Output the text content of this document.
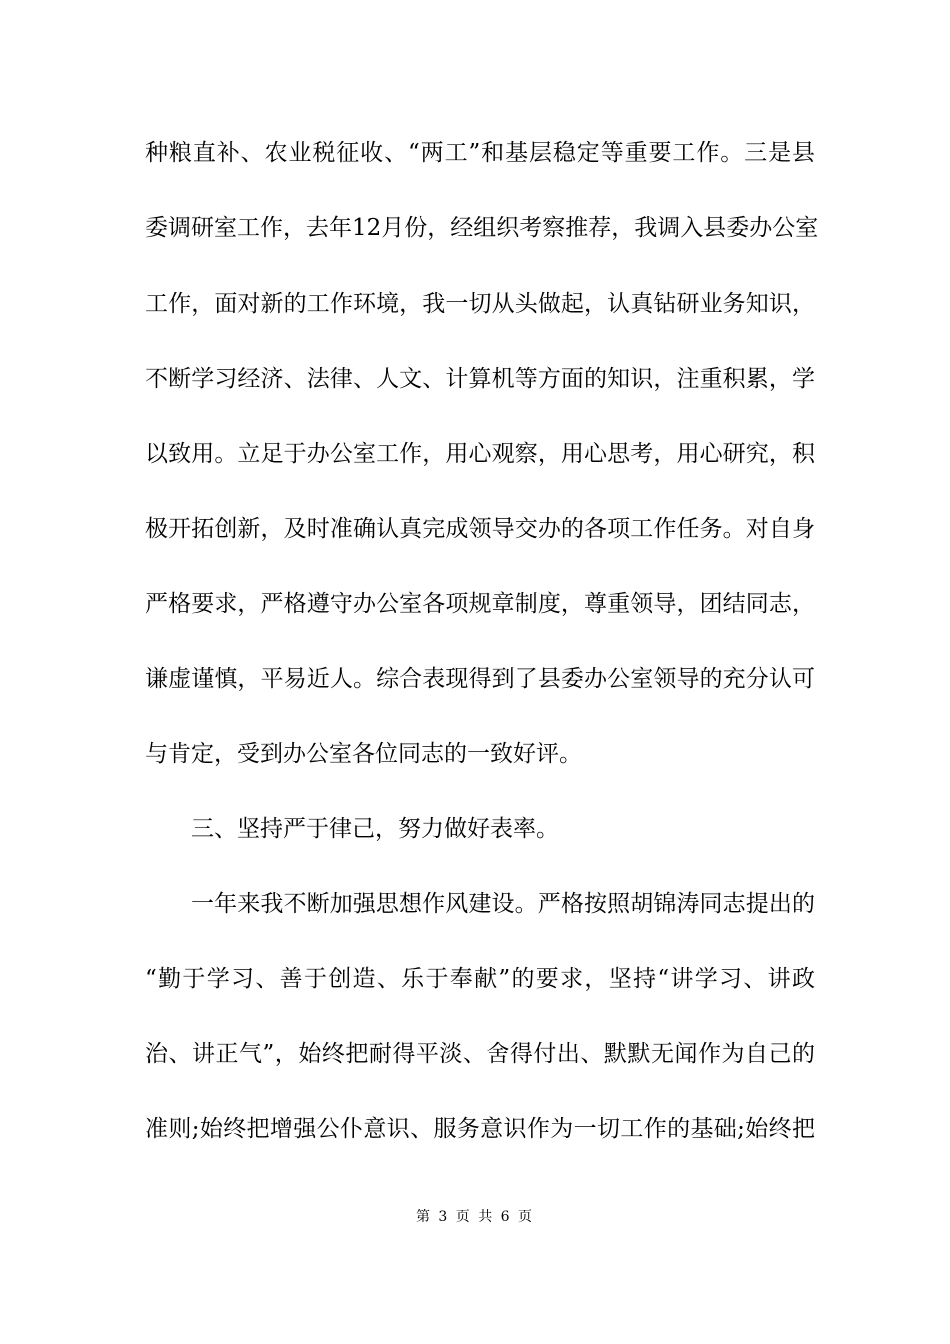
种粮直补、农业税征收、“两工”和基层稳定等重要工作。三是县
委调研室工作，去年12月份，经组织考察推荐，我调入县委办公室
工作，面对新的工作环境，我一切从头做起，认真钻研业务知识，
不断学习经济、法律、人文、计算机等方面的知识，注重积累，学
以致用。立足于办公室工作，用心观察，用心思考，用心研究，积
极开拓创新，及时准确认真完成领导交办的各项工作任务。对自身
严格要求，严格遵守办公室各项规章制度，尊重领导，团结同志，
谦虚谨慎，平易近人。综合表现得到了县委办公室领导的充分认可
与肯定，受到办公室各位同志的一致好评。
三、坚持严于律己，努力做好表率。
一年来我不断加强思想作风建设。严格按照胡锦涛同志提出的
“勤于学习、善于创造、乐于奉献”的要求，坚持“讲学习、讲政
治、讲正气”，始终把耐得平淡、舍得付出、默默无闻作为自己的
准则;始终把增强公仆意识、服务意识作为一切工作的基础;始终把
第 3 页 共 6 页
